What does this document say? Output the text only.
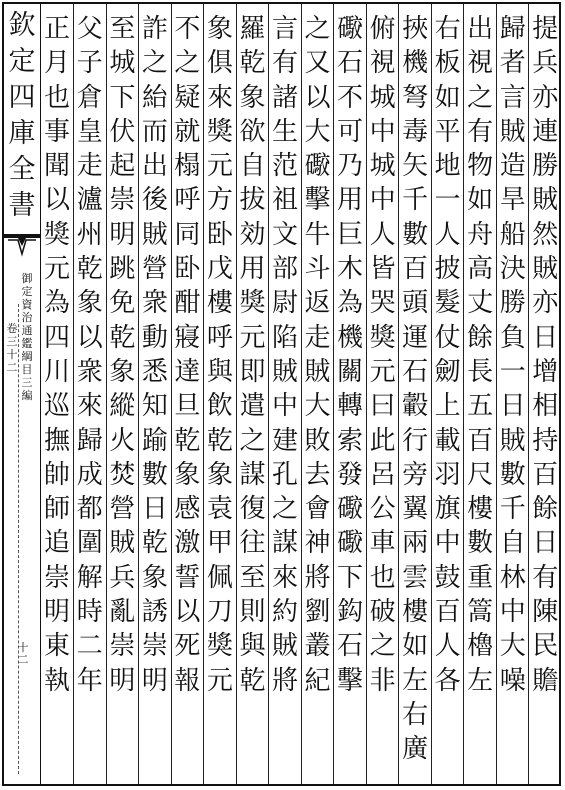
欽
定
四
庫
全
書
御
定
資
治
通
鑑
綱
目
三
編
卷
三
十
二
十
二
提
兵
亦
連
勝
賊
然
賊
亦
日
增
相
持
百
餘
日
有
陳
民
贍
歸
者
言
賊
造
旱
船
決
勝
負
一
日
賊
數
千
自
林
中
大
噪
出
視
之
有
物
如
舟
高
丈
餘
長
五
百
尺
樓
數
重
篙
櫓
左
右
板
如
平
地
一
人
披
髮
仗
劒
上
載
羽
旗
中
鼓
百
人
各
挾
機
弩
毒
矢
千
數
百
頭
運
石
轂
行
旁
翼
兩
雲
樓
如
左
右
廣
俯
視
城
中
城
中
人
皆
哭
獎
元
曰
此
呂
公
車
也
破
之
非
礮
石
不
可
乃
用
巨
木
為
機
關
轉
索
發
礮
礮
下
鈎
石
擊
之
又
以
大
礮
擊
牛
斗
返
走
賊
大
敗
去
會
神
將
劉
叢
紀
言
有
諸
生
范
祖
文
部
尉
陷
賊
中
建
孔
之
謀
來
約
賊
將
羅
乾
象
欲
自
拔
効
用
獎
元
即
遣
之
謀
復
往
至
則
與
乾
象
俱
來
獎
元
方
卧
戊
樓
呼
與
飲
乾
象
袁
甲
佩
刀
獎
元
不
之
疑
就
榻
呼
同
卧
酣
寢
達
旦
乾
象
感
激
誓
以
死
報
詐
之
紿
而
出
後
賊
營
衆
動
悉
知
踰
數
日
乾
象
誘
崇
明
至
城
下
伏
起
崇
明
跳
免
乾
象
縱
火
焚
營
賊
兵
亂
崇
明
父
子
倉
皇
走
瀘
州
乾
象
以
衆
來
歸
成
都
圍
解
時
二
年
正
月
也
事
聞
以
獎
元
為
四
川
巡
撫
帥
師
追
崇
明
東
執
